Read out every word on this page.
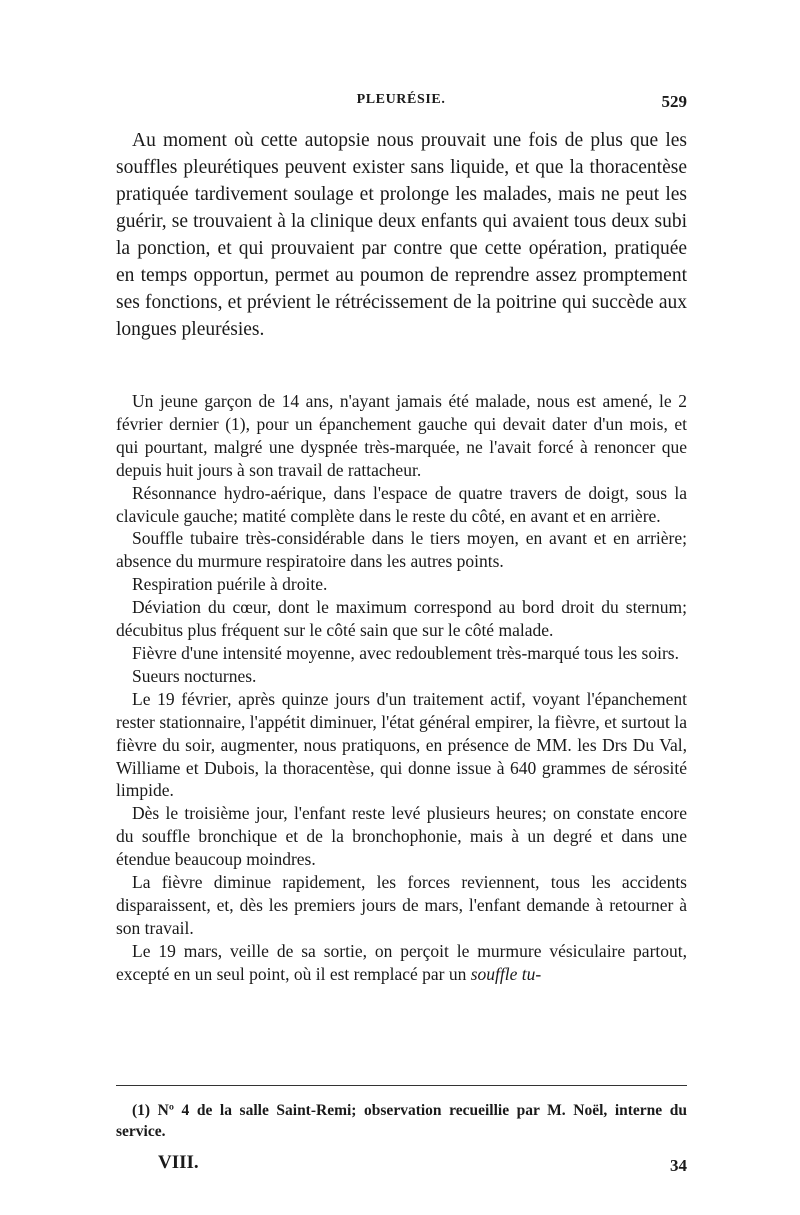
PLEURÉSIE.	529

Au moment où cette autopsie nous prouvait une fois de plus que les souffles pleurétiques peuvent exister sans liquide, et que la thoracentèse pratiquée tardivement soulage et prolonge les malades, mais ne peut les guérir, se trouvaient à la clinique deux enfants qui avaient tous deux subi la ponction, et qui prouvaient par contre que cette opération, pratiquée en temps opportun, permet au poumon de reprendre assez promptement ses fonctions, et prévient le rétrécissement de la poitrine qui succède aux longues pleurésies.

Un jeune garçon de 14 ans, n'ayant jamais été malade, nous est amené, le 2 février dernier (1), pour un épanchement gauche qui devait dater d'un mois, et qui pourtant, malgré une dyspnée très-marquée, ne l'avait forcé à renoncer que depuis huit jours à son travail de rattacheur.

Résonnance hydro-aérique, dans l'espace de quatre travers de doigt, sous la clavicule gauche; matité complète dans le reste du côté, en avant et en arrière.

Souffle tubaire très-considérable dans le tiers moyen, en avant et en arrière; absence du murmure respiratoire dans les autres points.

Respiration puérile à droite.

Déviation du cœur, dont le maximum correspond au bord droit du sternum; décubitus plus fréquent sur le côté sain que sur le côté malade.

Fièvre d'une intensité moyenne, avec redoublement très-marqué tous les soirs.

Sueurs nocturnes.

Le 19 février, après quinze jours d'un traitement actif, voyant l'épanchement rester stationnaire, l'appétit diminuer, l'état général empirer, la fièvre, et surtout la fièvre du soir, augmenter, nous pratiquons, en présence de MM. les Drs Du Val, Williame et Dubois, la thoracentèse, qui donne issue à 640 grammes de sérosité limpide.

Dès le troisième jour, l'enfant reste levé plusieurs heures; on constate encore du souffle bronchique et de la bronchophonie, mais à un degré et dans une étendue beaucoup moindres.

La fièvre diminue rapidement, les forces reviennent, tous les accidents disparaissent, et, dès les premiers jours de mars, l'enfant demande à retourner à son travail.

Le 19 mars, veille de sa sortie, on perçoit le murmure vésiculaire partout, excepté en un seul point, où il est remplacé par un souffle tu-

(1) Nº 4 de la salle Saint-Remi; observation recueillie par M. Noël, interne du service.

VIII.	34
